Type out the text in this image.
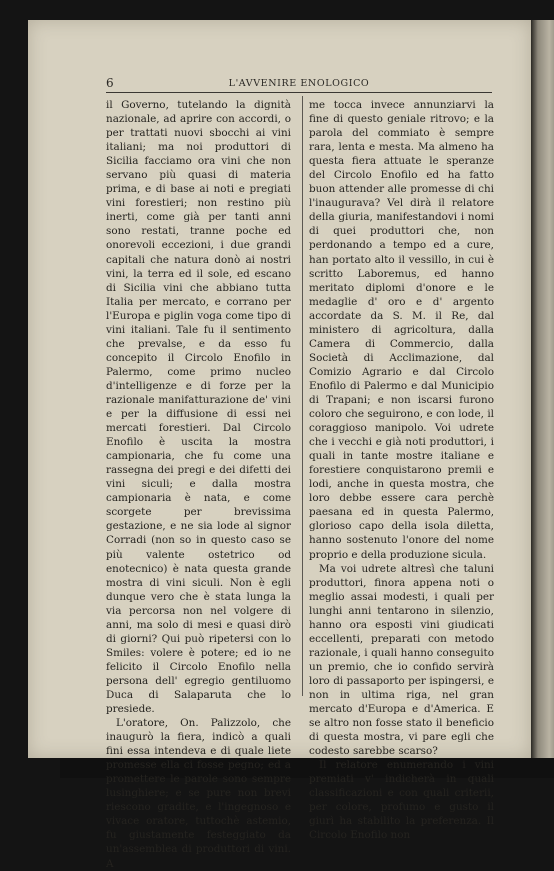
6	L'AVVENIRE ENOLOGICO

il Governo, tutelando la dignità nazionale, ad aprire con accordi, o per trattati nuovi sbocchi ai vini italiani; ma noi produttori di Sicilia facciamo ora vini che non servano più quasi di materia prima, e di base ai noti e pregiati vini forestieri; non restino più inerti, come già per tanti anni sono restati, tranne poche ed onorevoli eccezioni, i due grandi capitali che natura donò ai nostri vini, la terra ed il sole, ed escano di Sicilia vini che abbiano tutta Italia per mercato, e corrano per l'Europa e piglin voga come tipo di vini italiani. Tale fu il sentimento che prevalse, e da esso fu concepito il Circolo Enofilo in Palermo, come primo nucleo d'intelligenze e di forze per la razionale manifatturazione de' vini e per la diffusione di essi nei mercati forestieri. Dal Circolo Enofilo è uscita la mostra campionaria, che fu come una rassegna dei pregi e dei difetti dei vini siculi; e dalla mostra campionaria è nata, e come scorgete per brevissima gestazione, e ne sia lode al signor Corradi (non so in questo caso se più valente ostetrico od enotecnico) è nata questa grande mostra di vini siculi. Non è egli dunque vero che è stata lunga la via percorsa non nel volgere di anni, ma solo di mesi e quasi dirò di giorni? Qui può ripetersi con lo Smiles: volere è potere; ed io ne felicito il Circolo Enofilo nella persona dell' egregio gentiluomo Duca di Salaparuta che lo presiede.

L'oratore, On. Palizzolo, che inaugurò la fiera, indicò a quali fini essa intendeva e di quale liete promesse ella ci fosse pegno; ed a promettere le parole sono sempre lusinghiere; e se pure non brevi riescono gradite, e l'ingegnoso e vivace oratore, tuttochè astemio, fu giustamente festeggiato da un'assemblea di produttori di vini. A

me tocca invece annunziarvi la fine di questo geniale ritrovo; e la parola del commiato è sempre rara, lenta e mesta. Ma almeno ha questa fiera attuate le speranze del Circolo Enofilo ed ha fatto buon attender alle promesse di chi l'inaugurava? Vel dirà il relatore della giuria, manifestandovi i nomi di quei produttori che, non perdonando a tempo ed a cure, han portato alto il vessillo, in cui è scritto Laboremus, ed hanno meritato diplomi d'onore e le medaglie d' oro e d' argento accordate da S. M. il Re, dal ministero di agricoltura, dalla Camera di Commercio, dalla Società di Acclimazione, dal Comizio Agrario e dal Circolo Enofilo di Palermo e dal Municipio di Trapani; e non iscarsi furono coloro che seguirono, e con lode, il coraggioso manipolo. Voi udrete che i vecchi e già noti produttori, i quali in tante mostre italiane e forestiere conquistarono premii e lodi, anche in questa mostra, che loro debbe essere cara perchè paesana ed in questa Palermo, glorioso capo della isola diletta, hanno sostenuto l'onore del nome proprio e della produzione sicula.

Ma voi udrete altresì che taluni produttori, finora appena noti o meglio assai modesti, i quali per lunghi anni tentarono in silenzio, hanno ora esposti vini giudicati eccellenti, preparati con metodo razionale, i quali hanno conseguito un premio, che io confido servirà loro di passaporto per ispingersi, e non in ultima riga, nel gran mercato d'Europa e d'America. E se altro non fosse stato il beneficio di questa mostra, vi pare egli che codesto sarebbe scarso?

Il relatore enumerando i vini premiati v' indicherà in quali classificazioni e con quali criterii, per colore, profumo e gusto il giurì ha stabilito la preferenza. Il Circolo Enofilo non
